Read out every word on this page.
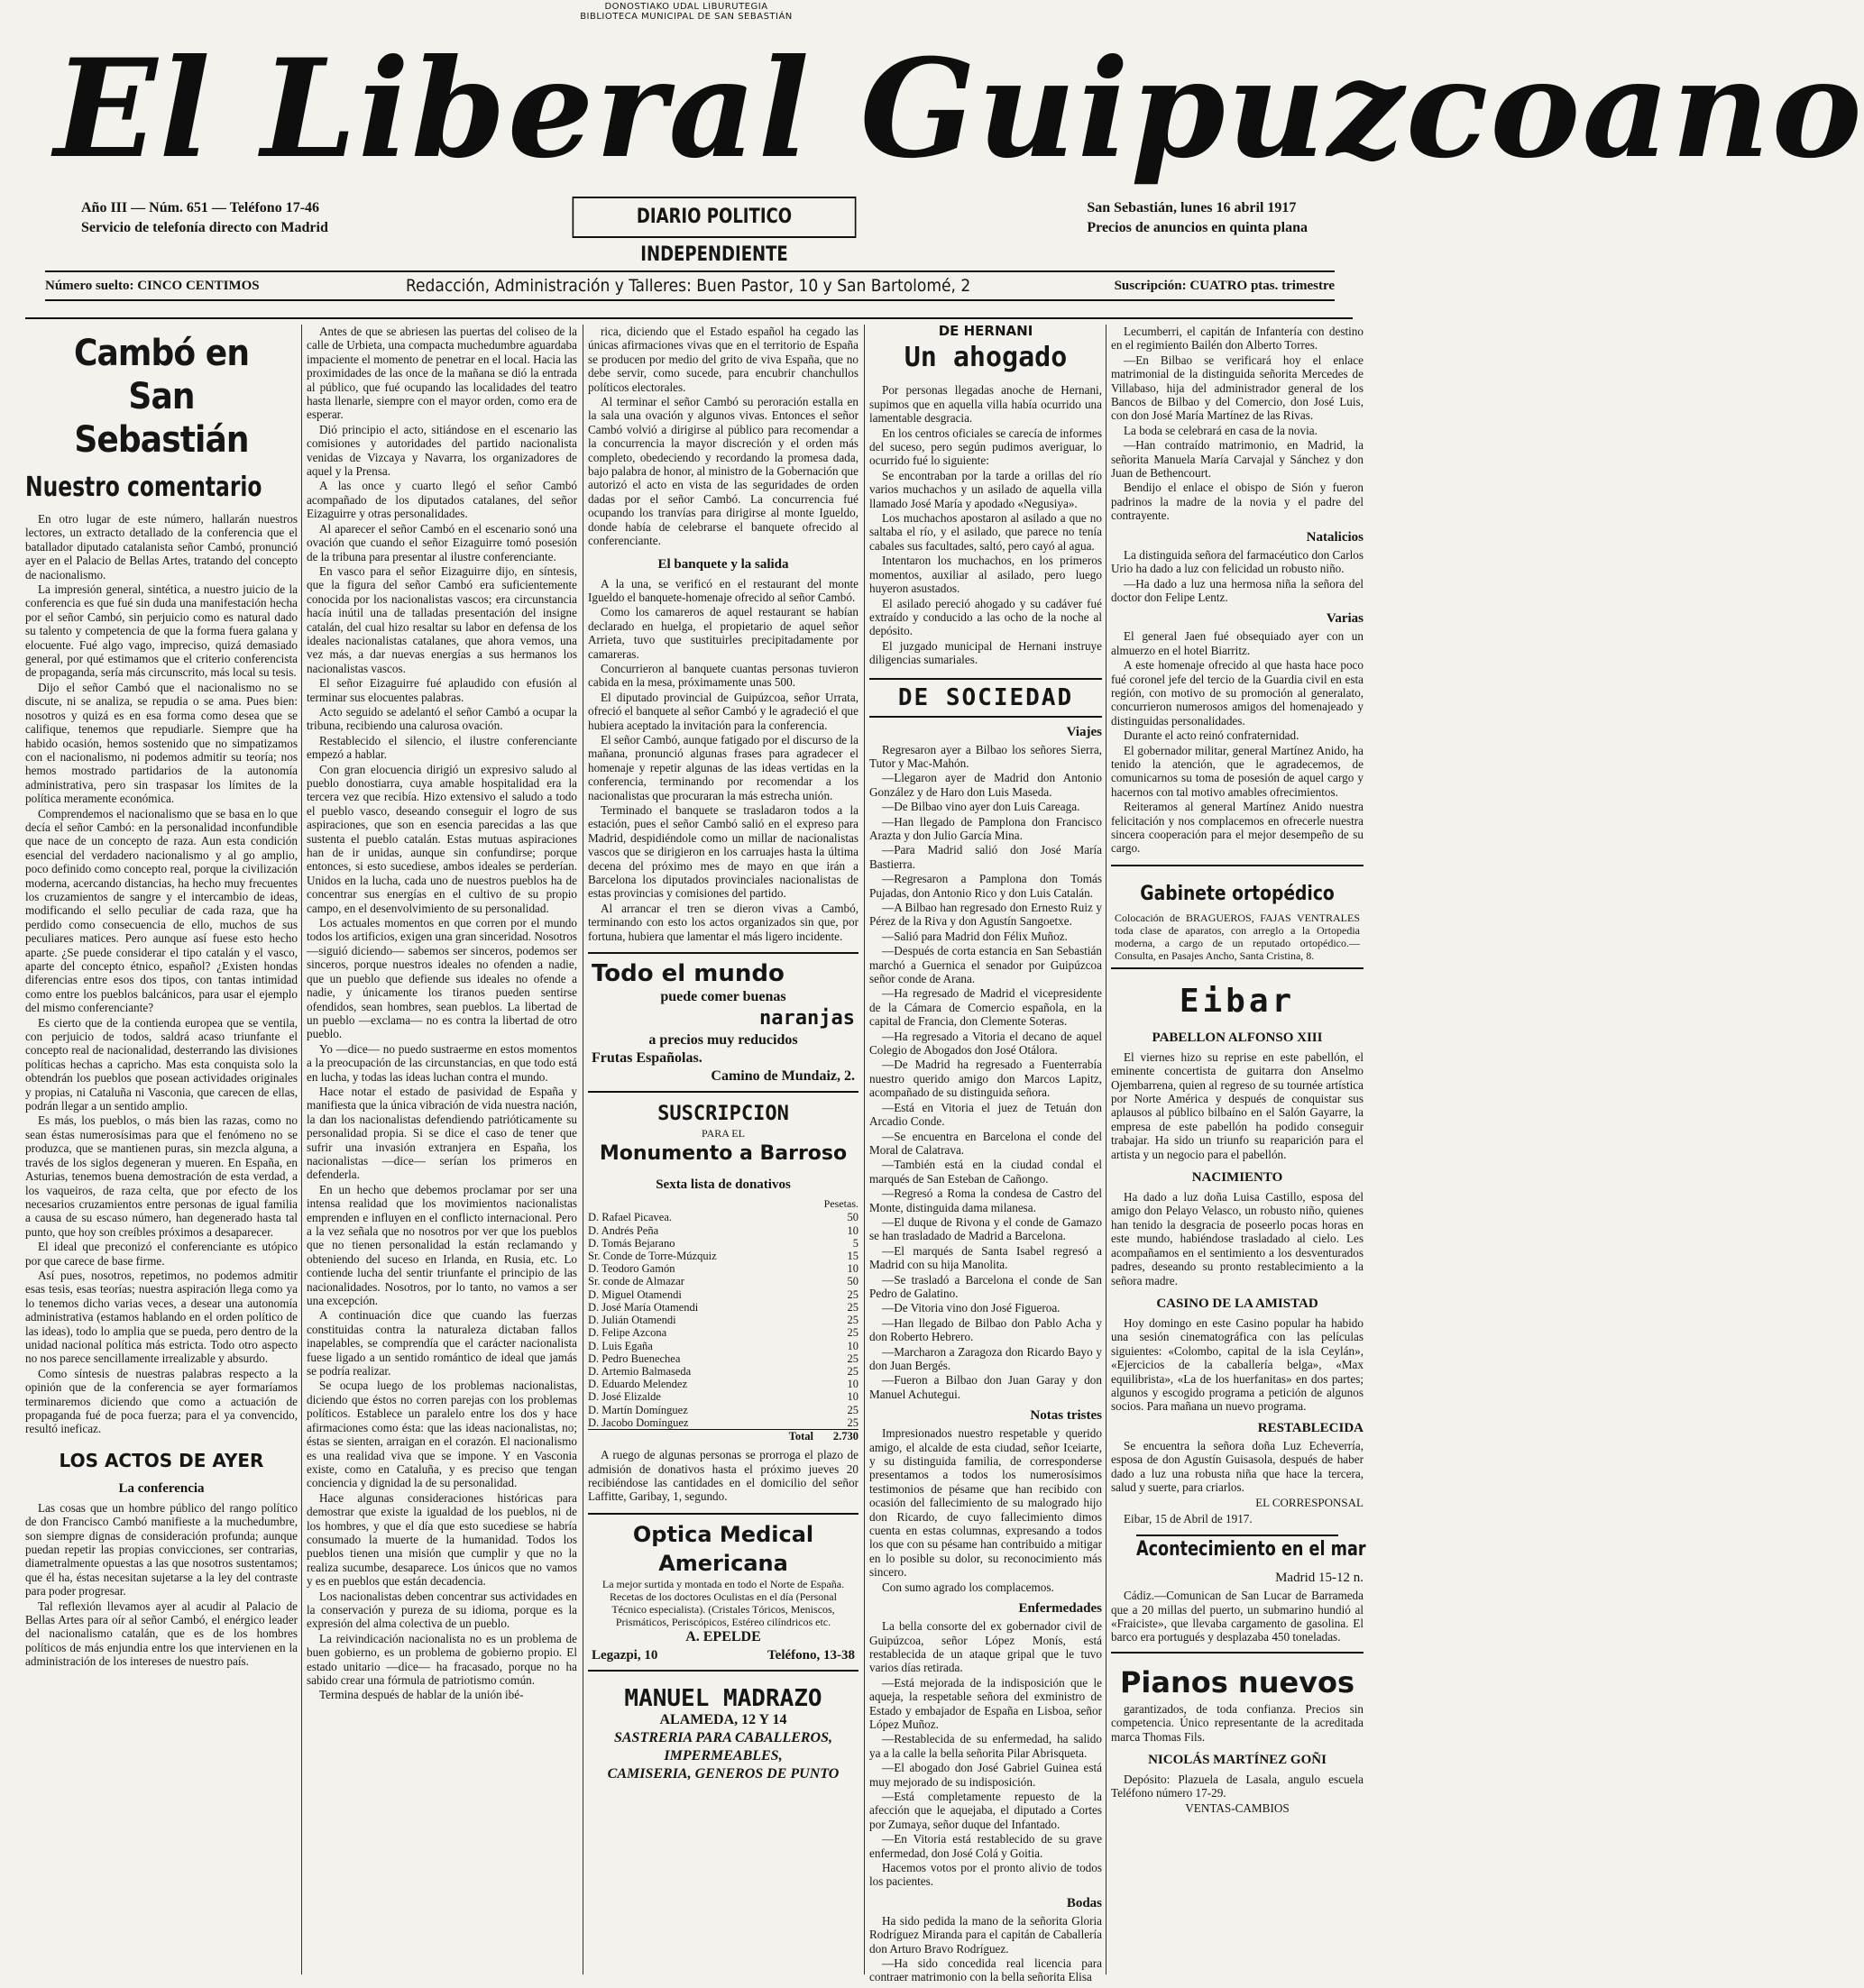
DONOSTIAKO UDAL LIBURUTEGIA
BIBLIOTECA MUNICIPAL DE SAN SEBASTIÁN
El Liberal Guipuzcoano
Año III — Núm. 651 — Teléfono 17-46
Servicio de telefonía directo con Madrid	DIARIO POLITICO INDEPENDIENTE
San Sebastián, lunes 16 abril 1917
Precios de anuncios en quinta plana
Número suelto: CINCO CENTIMOS	Redacción, Administración y Talleres: Buen Pastor, 10 y San Bartolomé, 2	Suscripción: CUATRO ptas. trimestre
Cambó en San Sebastián
Nuestro comentario

En otro lugar de este número, hallarán nuestros lectores, un extracto detallado de la conferencia que el batallador diputado catalanista señor Cambó, pronunció ayer en el Palacio de Bellas Artes, tratando del concepto de nacionalismo.

La impresión general, sintética, a nuestro juicio de la conferencia es que fué sin duda una manifestación hecha por el señor Cambó, sin perjuicio como es natural dado su talento y competencia de que la forma fuera galana y elocuente. Fué algo vago, impreciso, quizá demasiado general, por qué estimamos que el criterio conferencista de propaganda, sería más circunscrito, más local su tesis.

Dijo el señor Cambó que el nacionalismo no se discute, ni se analiza, se repudia o se ama. Pues bien: nosotros y quizá es en esa forma como desea que se califique, tenemos que repudiarle. Siempre que ha habido ocasión, hemos sostenido que no simpatizamos con el nacionalismo, ni podemos admitir su teoría; nos hemos mostrado partidarios de la autonomía administrativa, pero sin traspasar los límites de la política meramente económica.

Comprendemos el nacionalismo que se basa en lo que decía el señor Cambó: en la personalidad inconfundible que nace de un concepto de raza. Aun esta condición esencial del verdadero nacionalismo y al go amplio, poco definido como concepto real, porque la civilización moderna, acercando distancias, ha hecho muy frecuentes los cruzamientos de sangre y el intercambio de ideas, modificando el sello peculiar de cada raza, que ha perdido como consecuencia de ello, muchos de sus peculiares matices. Pero aunque así fuese esto hecho aparte. ¿Se puede considerar el tipo catalán y el vasco, aparte del concepto étnico, español? ¿Existen hondas diferencias entre esos dos tipos, con tantas intimidad como entre los pueblos balcánicos, para usar el ejemplo del mismo conferenciante?

Es cierto que de la contienda europea que se ventila, con perjuicio de todos, saldrá acaso triunfante el concepto real de nacionalidad, desterrando las divisiones políticas hechas a capricho. Mas esta conquista solo la obtendrán los pueblos que posean actividades originales y propias, ni Cataluña ni Vasconia, que carecen de ellas, podrán llegar a un sentido amplio.

Es más, los pueblos, o más bien las razas, como no sean éstas numerosísimas para que el fenómeno no se produzca, que se mantienen puras, sin mezcla alguna, a través de los siglos degeneran y mueren. En España, en Asturias, tenemos buena demostración de esta verdad, a los vaqueiros, de raza celta, que por efecto de los necesarios cruzamientos entre personas de igual familia a causa de su escaso número, han degenerado hasta tal punto, que hoy son creíbles próximos a desaparecer.

El ideal que preconizó el conferenciante es utópico por que carece de base firme.

Así pues, nosotros, repetimos, no podemos admitir esas tesis, esas teorías; nuestra aspiración llega como ya lo tenemos dicho varias veces, a desear una autonomía administrativa (estamos hablando en el orden político de las ideas), todo lo amplia que se pueda, pero dentro de la unidad nacional política más estricta. Todo otro aspecto no nos parece sencillamente irrealizable y absurdo.

Como síntesis de nuestras palabras respecto a la opinión que de la conferencia se ayer formaríamos terminaremos diciendo que como a actuación de propaganda fué de poca fuerza; para el ya convencido, resultó ineficaz.

LOS ACTOS DE AYER
La conferencia

Las cosas que un hombre público del rango político de don Francisco Cambó manifieste a la muchedumbre, son siempre dignas de consideración profunda; aunque puedan repetir las propias convicciones, ser contrarias, diametralmente opuestas a las que nosotros sustentamos; que él ha, éstas necesitan sujetarse a la ley del contraste para poder progresar.

Tal reflexión llevamos ayer al acudir al Palacio de Bellas Artes para oír al señor Cambó, el enérgico leader del nacionalismo catalán, que es de los hombres políticos de más enjundia entre los que intervienen en la administración de los intereses de nuestro país.

Antes de que se abriesen las puertas del coliseo de la calle de Urbieta, una compacta muchedumbre aguardaba impaciente el momento de penetrar en el local. Hacia las proximidades de las once de la mañana se dió la entrada al público, que fué ocupando las localidades del teatro hasta llenarle, siempre con el mayor orden, como era de esperar.

Dió principio el acto, sitiándose en el escenario las comisiones y autoridades del partido nacionalista venidas de Vizcaya y Navarra, los organizadores de aquel y la Prensa.

A las once y cuarto llegó el señor Cambó acompañado de los diputados catalanes, del señor Eizaguirre y otras personalidades.

Al aparecer el señor Cambó en el escenario sonó una ovación que cuando el señor Eizaguirre tomó posesión de la tribuna para presentar al ilustre conferenciante.

En vasco para el señor Eizaguirre dijo, en síntesis, que la figura del señor Cambó era suficientemente conocida por los nacionalistas vascos; era circunstancia hacía inútil una de talladas presentación del insigne catalán, del cual hizo resaltar su labor en defensa de los ideales nacionalistas catalanes, que ahora vemos, una vez más, a dar nuevas energías a sus hermanos los nacionalistas vascos.

El señor Eizaguirre fué aplaudido con efusión al terminar sus elocuentes palabras.

Acto seguido se adelantó el señor Cambó a ocupar la tribuna, recibiendo una calurosa ovación.

Restablecido el silencio, el ilustre conferenciante empezó a hablar.

Con gran elocuencia dirigió un expresivo saludo al pueblo donostiarra, cuya amable hospitalidad era la tercera vez que recibía. Hizo extensivo el saludo a todo el pueblo vasco, deseando conseguir el logro de sus aspiraciones, que son en esencia parecidas a las que sustenta el pueblo catalán. Estas mutuas aspiraciones han de ir unidas, aunque sin confundirse; porque entonces, si esto sucediese, ambos ideales se perderían. Unidos en la lucha, cada uno de nuestros pueblos ha de concentrar sus energías en el cultivo de su propio campo, en el desenvolvimiento de su personalidad.

Los actuales momentos en que corren por el mundo todos los artificios, exigen una gran sinceridad. Nosotros —siguió diciendo— sabemos ser sinceros, podemos ser sinceros, porque nuestros ideales no ofenden a nadie, que un pueblo que defiende sus ideales no ofende a nadie, y únicamente los tiranos pueden sentirse ofendidos, sean hombres, sean pueblos. La libertad de un pueblo —exclama— no es contra la libertad de otro pueblo.

Yo —dice— no puedo sustraerme en estos momentos a la preocupación de las circunstancias, en que todo está en lucha, y todas las ideas luchan contra el mundo.

Hace notar el estado de pasividad de España y manifiesta que la única vibración de vida nuestra nación, la dan los nacionalistas defendiendo patrióticamente su personalidad propia. Si se dice el caso de tener que sufrir una invasión extranjera en España, los nacionalistas —dice— serían los primeros en defenderla.

En un hecho que debemos proclamar por ser una intensa realidad que los movimientos nacionalistas emprenden e influyen en el conflicto internacional. Pero a la vez señala que no nosotros por ver que los pueblos que no tienen personalidad la están reclamando y obteniendo del suceso en Irlanda, en Rusia, etc. Lo contiende lucha del sentir triunfante el principio de las nacionalidades. Nosotros, por lo tanto, no vamos a ser una excepción.

A continuación dice que cuando las fuerzas constituidas contra la naturaleza dictaban fallos inapelables, se comprendía que el carácter nacionalista fuese ligado a un sentido romántico de ideal que jamás se podría realizar.

Se ocupa luego de los problemas nacionalistas, diciendo que éstos no corren parejas con los problemas políticos. Establece un paralelo entre los dos y hace afirmaciones como ésta: que las ideas nacionalistas, no; éstas se sienten, arraigan en el corazón. El nacionalismo es una realidad viva que se impone. Y en Vasconia existe, como en Cataluña, y es preciso que tengan conciencia y dignidad la de su personalidad.

Hace algunas consideraciones históricas para demostrar que existe la igualdad de los pueblos, ni de los hombres, y que el día que esto sucediese se habría consumado la muerte de la humanidad. Todos los pueblos tienen una misión que cumplir y que no la realiza sucumbe, desaparece. Los únicos que no vamos y es en pueblos que están decadencia.

Los nacionalistas deben concentrar sus actividades en la conservación y pureza de su idioma, porque es la expresión del alma colectiva de un pueblo.

La reivindicación nacionalista no es un problema de buen gobierno, es un problema de gobierno propio. El estado unitario —dice— ha fracasado, porque no ha sabido crear una fórmula de patriotismo común.

Termina después de hablar de la unión ibé-

rica, diciendo que el Estado español ha cegado las únicas afirmaciones vivas que en el territorio de España se producen por medio del grito de viva España, que no debe servir, como sucede, para encubrir chanchullos políticos electorales.

Al terminar el señor Cambó su peroración estalla en la sala una ovación y algunos vivas. Entonces el señor Cambó volvió a dirigirse al público para recomendar a la concurrencia la mayor discreción y el orden más completo, obedeciendo y recordando la promesa dada, bajo palabra de honor, al ministro de la Gobernación que autorizó el acto en vista de las seguridades de orden dadas por el señor Cambó. La concurrencia fué ocupando los tranvías para dirigirse al monte Igueldo, donde había de celebrarse el banquete ofrecido al conferenciante.

El banquete y la salida

A la una, se verificó en el restaurant del monte Igueldo el banquete-homenaje ofrecido al señor Cambó.

Como los camareros de aquel restaurant se habían declarado en huelga, el propietario de aquel señor Arrieta, tuvo que sustituirles precipitadamente por camareras.

Concurrieron al banquete cuantas personas tuvieron cabida en la mesa, próximamente unas 500.

El diputado provincial de Guipúzcoa, señor Urrata, ofreció el banquete al señor Cambó y le agradeció el que hubiera aceptado la invitación para la conferencia.

El señor Cambó, aunque fatigado por el discurso de la mañana, pronunció algunas frases para agradecer el homenaje y repetir algunas de las ideas vertidas en la conferencia, terminando por recomendar a los nacionalistas que procuraran la más estrecha unión.

Terminado el banquete se trasladaron todos a la estación, pues el señor Cambó salió en el expreso para Madrid, despidiéndole como un millar de nacionalistas vascos que se dirigieron en los carruajes hasta la última decena del próximo mes de mayo en que irán a Barcelona los diputados provinciales nacionalistas de estas provincias y comisiones del partido.

Al arrancar el tren se dieron vivas a Cambó, terminando con esto los actos organizados sin que, por fortuna, hubiera que lamentar el más ligero incidente.

Todo el mundo
puede comer buenas
naranjas
a precios muy reducidos
Frutas Españolas.
Camino de Mundaiz, 2.
SUSCRIPCION
PARA EL
Monumento a Barroso
Sexta lista de donativos
Pesetas.
D. Rafael Picavea.	50
D. Andrés Peña	10
D. Tomás Bejarano	5
Sr. Conde de Torre-Múzquiz	15
D. Teodoro Gamón	10
Sr. conde de Almazar	50
D. Miguel Otamendi	25
D. José María Otamendi	25
D. Julián Otamendi	25
D. Felipe Azcona	25
D. Luis Egaña	10
D. Pedro Buenechea	25
D. Artemio Balmaseda	25
D. Eduardo Melendez	10
D. José Elizalde	10
D. Martín Domínguez	25
D. Jacobo Domínguez	25
Total	2.730

A ruego de algunas personas se prorroga el plazo de admisión de donativos hasta el próximo jueves 20 recibiéndose las cantidades en el domicilio del señor Laffitte, Garibay, 1, segundo.

Optica Medical Americana
La mejor surtida y montada en todo el Norte de España. Recetas de los doctores Oculistas en el día (Personal Técnico especialista). (Cristales Tóricos, Meniscos, Prismáticos, Periscópicos, Estéreo cilíndricos etc.
A. EPELDE
Legazpi, 10	Teléfono, 13-38
MANUEL MADRAZO
ALAMEDA, 12 Y 14
SASTRERIA PARA CABALLEROS,
IMPERMEABLES,
CAMISERIA, GENEROS DE PUNTO
DE HERNANI
Un ahogado

Por personas llegadas anoche de Hernani, supimos que en aquella villa había ocurrido una lamentable desgracia.

En los centros oficiales se carecía de informes del suceso, pero según pudimos averiguar, lo ocurrido fué lo siguiente:

Se encontraban por la tarde a orillas del río varios muchachos y un asilado de aquella villa llamado José María y apodado «Negusiya».

Los muchachos apostaron al asilado a que no saltaba el río, y el asilado, que parece no tenía cabales sus facultades, saltó, pero cayó al agua.

Intentaron los muchachos, en los primeros momentos, auxiliar al asilado, pero luego huyeron asustados.

El asilado pereció ahogado y su cadáver fué extraído y conducido a las ocho de la noche al depósito.

El juzgado municipal de Hernani instruye diligencias sumariales.

DE SOCIEDAD
Viajes

Regresaron ayer a Bilbao los señores Sierra, Tutor y Mac-Mahón.

—Llegaron ayer de Madrid don Antonio González y de Haro don Luis Maseda.

—De Bilbao vino ayer don Luis Careaga.

—Han llegado de Pamplona don Francisco Arazta y don Julio García Mina.

—Para Madrid salió don José María Bastierra.

—Regresaron a Pamplona don Tomás Pujadas, don Antonio Rico y don Luis Catalán.

—A Bilbao han regresado don Ernesto Ruiz y Pérez de la Riva y don Agustín Sangoetxe.

—Salió para Madrid don Félix Muñoz.

—Después de corta estancia en San Sebastián marchó a Guernica el senador por Guipúzcoa señor conde de Arana.

—Ha regresado de Madrid el vicepresidente de la Cámara de Comercio española, en la capital de Francia, don Clemente Soteras.

—Ha regresado a Vitoria el decano de aquel Colegio de Abogados don José Otálora.

—De Madrid ha regresado a Fuenterrabía nuestro querido amigo don Marcos Lapitz, acompañado de su distinguida señora.

—Está en Vitoria el juez de Tetuán don Arcadio Conde.

—Se encuentra en Barcelona el conde del Moral de Calatrava.

—También está en la ciudad condal el marqués de San Esteban de Cañongo.

—Regresó a Roma la condesa de Castro del Monte, distinguida dama milanesa.

—El duque de Rivona y el conde de Gamazo se han trasladado de Madrid a Barcelona.

—El marqués de Santa Isabel regresó a Madrid con su hija Manolita.

—Se trasladó a Barcelona el conde de San Pedro de Galatino.

—De Vitoria vino don José Figueroa.

—Han llegado de Bilbao don Pablo Acha y don Roberto Hebrero.

—Marcharon a Zaragoza don Ricardo Bayo y don Juan Bergés.

—Fueron a Bilbao don Juan Garay y don Manuel Achutegui.

Notas tristes

Impresionados nuestro respetable y querido amigo, el alcalde de esta ciudad, señor Iceiarte, y su distinguida familia, de corresponderse presentamos a todos los numerosísimos testimonios de pésame que han recibido con ocasión del fallecimiento de su malogrado hijo don Ricardo, de cuyo fallecimiento dimos cuenta en estas columnas, expresando a todos los que con su pésame han contribuido a mitigar en lo posible su dolor, su reconocimiento más sincero.

Con sumo agrado los complacemos.

Enfermedades

La bella consorte del ex gobernador civil de Guipúzcoa, señor López Monís, está restablecida de un ataque gripal que le tuvo varios días retirada.

—Está mejorada de la indisposición que le aqueja, la respetable señora del exministro de Estado y embajador de España en Lisboa, señor López Muñoz.

—Restablecida de su enfermedad, ha salido ya a la calle la bella señorita Pilar Abrisqueta.

—El abogado don José Gabriel Guinea está muy mejorado de su indisposición.

—Está completamente repuesto de la afección que le aquejaba, el diputado a Cortes por Zumaya, señor duque del Infantado.

—En Vitoria está restablecido de su grave enfermedad, don José Colá y Goitia.

Hacemos votos por el pronto alivio de todos los pacientes.

Bodas

Ha sido pedida la mano de la señorita Gloria Rodríguez Miranda para el capitán de Caballería don Arturo Bravo Rodríguez.

—Ha sido concedida real licencia para contraer matrimonio con la bella señorita Elisa

Lecumberri, el capitán de Infantería con destino en el regimiento Bailén don Alberto Torres.

—En Bilbao se verificará hoy el enlace matrimonial de la distinguida señorita Mercedes de Villabaso, hija del administrador general de los Bancos de Bilbao y del Comercio, don José Luis, con don José María Martínez de las Rivas.

La boda se celebrará en casa de la novia.

—Han contraído matrimonio, en Madrid, la señorita Manuela María Carvajal y Sánchez y don Juan de Bethencourt.

Bendijo el enlace el obispo de Sión y fueron padrinos la madre de la novia y el padre del contrayente.

Natalicios

La distinguida señora del farmacéutico don Carlos Urio ha dado a luz con felicidad un robusto niño.

—Ha dado a luz una hermosa niña la señora del doctor don Felipe Lentz.

Varias

El general Jaen fué obsequiado ayer con un almuerzo en el hotel Biarritz.

A este homenaje ofrecido al que hasta hace poco fué coronel jefe del tercio de la Guardia civil en esta región, con motivo de su promoción al generalato, concurrieron numerosos amigos del homenajeado y distinguidas personalidades.

Durante el acto reinó confraternidad.

El gobernador militar, general Martínez Anido, ha tenido la atención, que le agradecemos, de comunicarnos su toma de posesión de aquel cargo y hacernos con tal motivo amables ofrecimientos.

Reiteramos al general Martínez Anido nuestra felicitación y nos complacemos en ofrecerle nuestra sincera cooperación para el mejor desempeño de su cargo.

Gabinete ortopédico
Colocación de BRAGUEROS, FAJAS VENTRALES toda clase de aparatos, con arreglo a la Ortopedia moderna, a cargo de un reputado ortopédico.—Consulta, en Pasajes Ancho, Santa Cristina, 8.
Eibar
PABELLON ALFONSO XIII

El viernes hizo su reprise en este pabellón, el eminente concertista de guitarra don Anselmo Ojembarrena, quien al regreso de su tournée artística por Norte América y después de conquistar sus aplausos al público bilbaíno en el Salón Gayarre, la empresa de este pabellón ha podido conseguir trabajar. Ha sido un triunfo su reaparición para el artista y un negocio para el pabellón.

NACIMIENTO

Ha dado a luz doña Luisa Castillo, esposa del amigo don Pelayo Velasco, un robusto niño, quienes han tenido la desgracia de poseerlo pocas horas en este mundo, habiéndose trasladado al cielo. Les acompañamos en el sentimiento a los desventurados padres, deseando su pronto restablecimiento a la señora madre.

CASINO DE LA AMISTAD

Hoy domingo en este Casino popular ha habido una sesión cinematográfica con las películas siguientes: «Colombo, capital de la isla Ceylán», «Ejercicios de la caballería belga», «Max equilibrista», «La de los huerfanitas» en dos partes; algunos y escogido programa a petición de algunos socios. Para mañana un nuevo programa.

RESTABLECIDA

Se encuentra la señora doña Luz Echeverría, esposa de don Agustín Guisasola, después de haber dado a luz una robusta niña que hace la tercera, salud y suerte, para criarlos.

EL CORRESPONSAL

Eibar, 15 de Abril de 1917.

Acontecimiento en el mar
Madrid 15-12 n.

Cádiz.—Comunican de San Lucar de Barrameda que a 20 millas del puerto, un submarino hundió al «Fraiciste», que llevaba cargamento de gasolina. El barco era portugués y desplazaba 450 toneladas.

Pianos nuevos

garantizados, de toda confianza. Precios sin competencia. Único representante de la acreditada marca Thomas Fils.

NICOLÁS MARTÍNEZ GOÑI

Depósito: Plazuela de Lasala, angulo escuela Teléfono número 17-29.

VENTAS-CAMBIOS
